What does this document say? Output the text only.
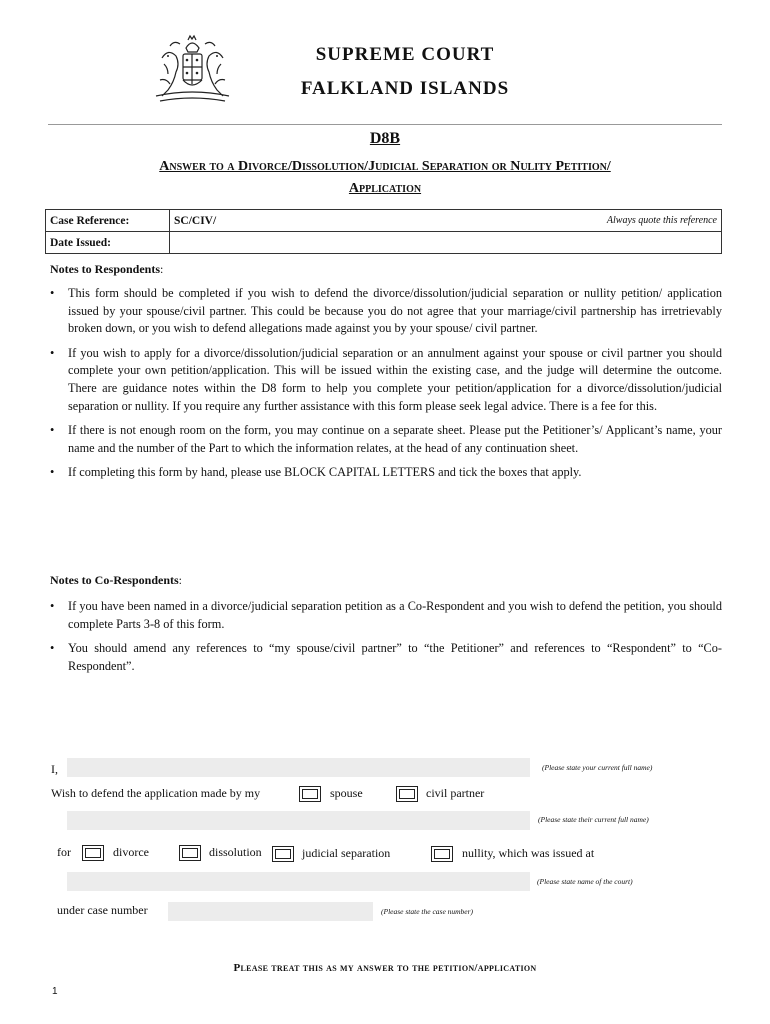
SUPREME COURT
FALKLAND ISLANDS
D8B
Answer to a Divorce/Dissolution/Judicial Separation or Nulity Petition/
Application
Case Reference:	SC/CIV/ Always quote this reference

Date Issued:	
Notes to Respondents:
• This form should be completed if you wish to defend the divorce/dissolution/judicial separation or nullity petition/ application issued by your spouse/civil partner. This could be because you do not agree that your marriage/civil partnership has irretrievably broken down, or you wish to defend allegations made against you by your spouse/ civil partner.
• If you wish to apply for a divorce/dissolution/judicial separation or an annulment against your spouse or civil partner you should complete your own petition/application. This will be issued within the existing case, and the judge will determine the outcome. There are guidance notes within the D8 form to help you complete your petition/application for a divorce/dissolution/judicial separation or nullity. If you require any further assistance with this form please seek legal advice. There is a fee for this.
• If there is not enough room on the form, you may continue on a separate sheet. Please put the Petitioner’s/ Applicant’s name, your name and the number of the Part to which the information relates, at the head of any continuation sheet.
• If completing this form by hand, please use BLOCK CAPITAL LETTERS and tick the boxes that apply.
Notes to Co-Respondents:
• If you have been named in a divorce/judicial separation petition as a Co-Respondent and you wish to defend the petition, you should complete Parts 3-8 of this form.
• You should amend any references to “my spouse/civil partner” to “the Petitioner” and references to “Respondent” to “Co-Respondent”.
I,	(Please state your current full name)
Wish to defend the application made by my	spouse	civil partner
(Please state their current full name)
for	divorce	dissolution	judicial separation	nullity, which was issued at
(Please state name of the court)
under case number	(Please state the case number)
Please treat this as my answer to the petition/application
1
